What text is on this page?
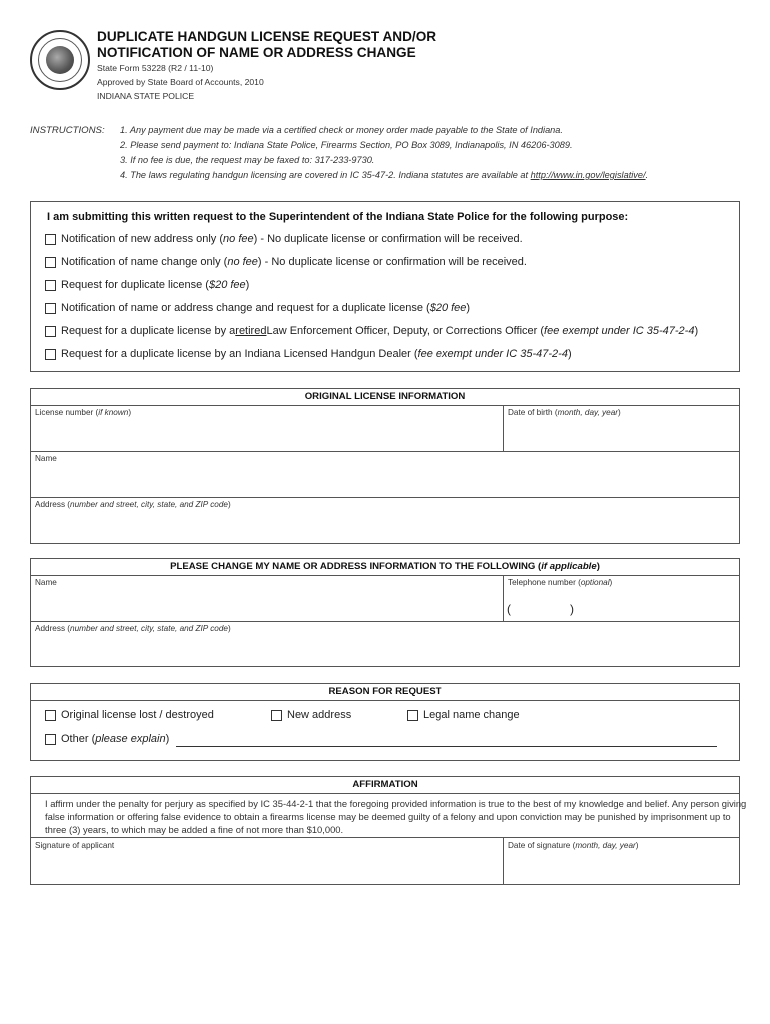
DUPLICATE HANDGUN LICENSE REQUEST AND/OR
NOTIFICATION OF NAME OR ADDRESS CHANGE
State Form 53228 (R2 / 11-10)
Approved by State Board of Accounts, 2010
INDIANA STATE POLICE
INSTRUCTIONS: 1. Any payment due may be made via a certified check or money order made payable to the State of Indiana.
2. Please send payment to: Indiana State Police, Firearms Section, PO Box 3089, Indianapolis, IN 46206-3089.
3. If no fee is due, the request may be faxed to: 317-233-9730.
4. The laws regulating handgun licensing are covered in IC 35-47-2. Indiana statutes are available at http://www.in.gov/legislative/.
I am submitting this written request to the Superintendent of the Indiana State Police for the following purpose:
Notification of new address only ( no fee ) - No duplicate license or confirmation will be received.
Notification of name change only ( no fee ) - No duplicate license or confirmation will be received.
Request for duplicate license ( $20 fee )
Notification of name or address change and request for a duplicate license ( $20 fee )
Request for a duplicate license by a retired Law Enforcement Officer, Deputy, or Corrections Officer ( fee exempt under IC 35-47-2-4 )
Request for a duplicate license by an Indiana Licensed Handgun Dealer ( fee exempt under IC 35-47-2-4 )
ORIGINAL LICENSE INFORMATION
License number (if known)	Date of birth (month, day, year)
Name
Address (number and street, city, state, and ZIP code)
PLEASE CHANGE MY NAME OR ADDRESS INFORMATION TO THE FOLLOWING (if applicable)
Name	Telephone number (optional)
(	)
Address (number and street, city, state, and ZIP code)
REASON FOR REQUEST
Original license lost / destroyed	New address	Legal name change
Other ( please explain )
AFFIRMATION
I affirm under the penalty for perjury as specified by IC 35-44-2-1 that the foregoing provided information is true to the best of my knowledge and belief. Any person giving false information or offering false evidence to obtain a firearms license may be deemed guilty of a felony and upon conviction may be punished by imprisonment up to three (3) years, to which may be added a fine of not more than $10,000.
Signature of applicant	Date of signature (month, day, year)
